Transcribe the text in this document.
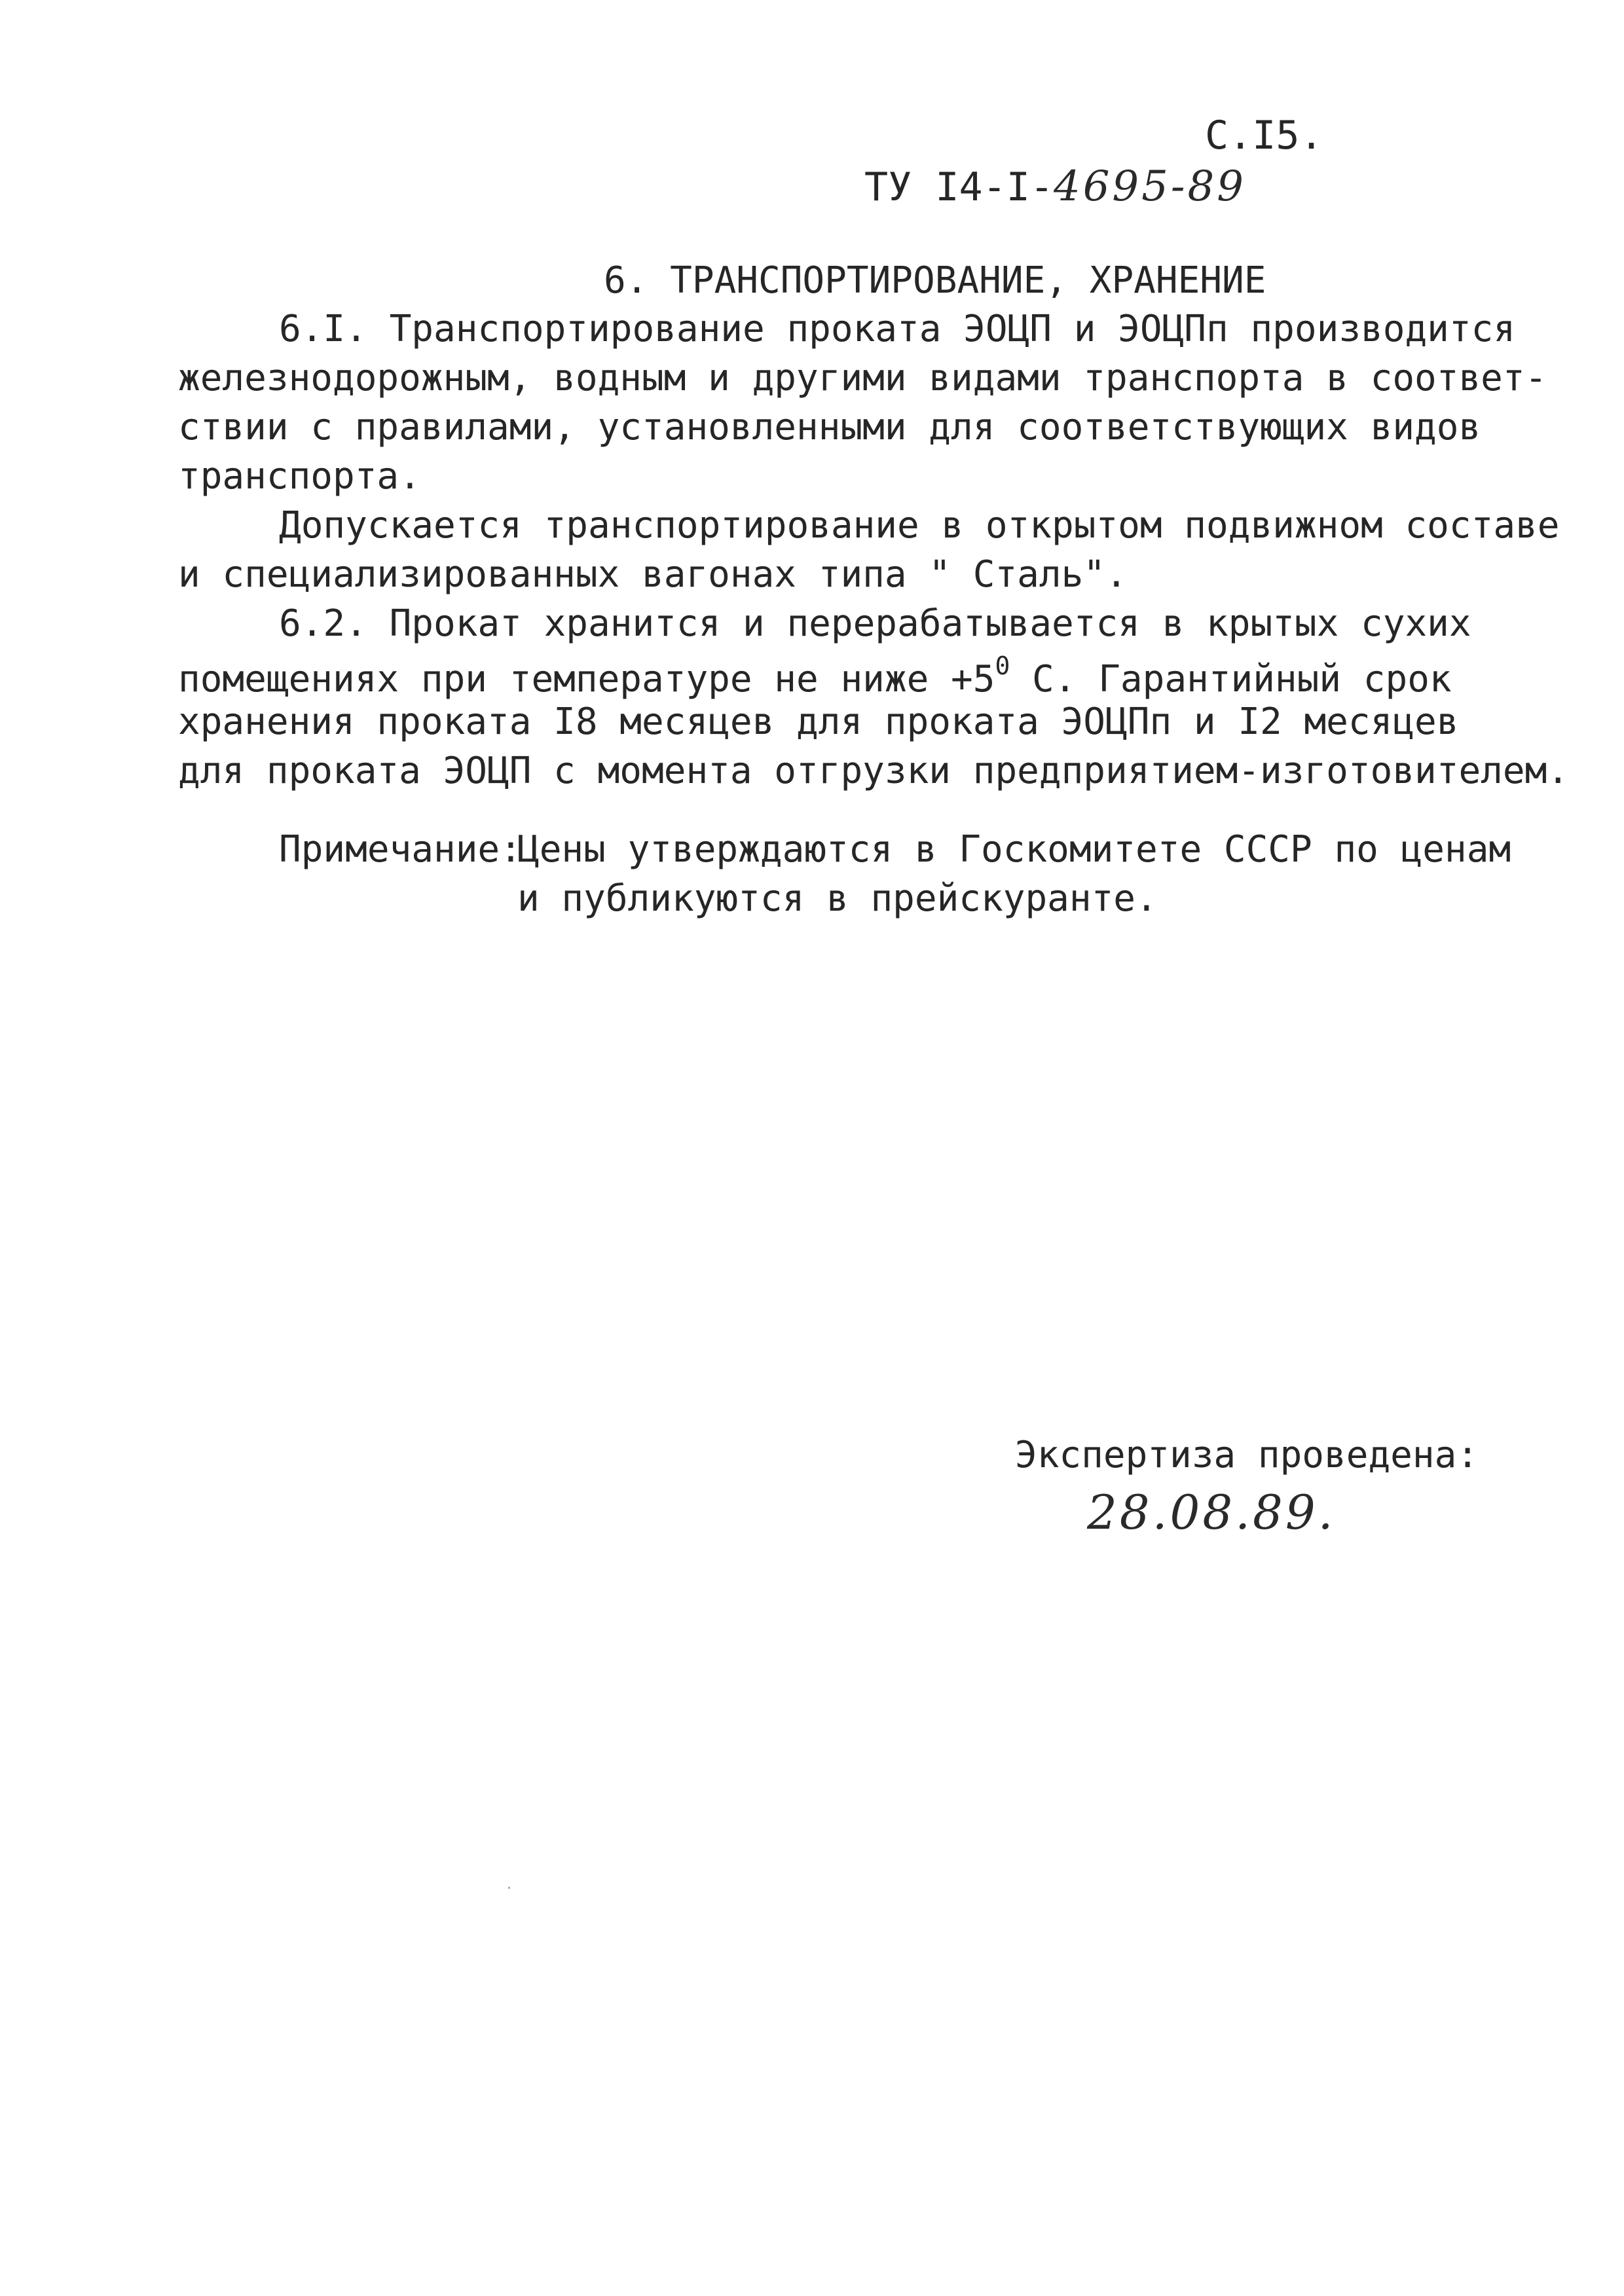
С.I5.
ТУ I4-I-4695-89
6. ТРАНСПОРТИРОВАНИЕ, ХРАНЕНИЕ
6.I. Транспортирование проката ЭОЦП и ЭОЦПп производится
железнодорожным, водным и другими видами транспорта в соответ-
ствии с правилами, установленными для соответствующих видов
транспорта.
Допускается транспортирование в открытом подвижном составе
и специализированных вагонах типа " Сталь".
6.2. Прокат хранится и перерабатывается в крытых сухих
помещениях при температуре не ниже $+5^0$ С. Гарантийный срок
хранения проката I8 месяцев для проката ЭОЦПп и I2 месяцев
для проката ЭОЦП с момента отгрузки предприятием-изготовителем.
Примечание:
Цены утверждаются в Госкомитете СССР по ценам
и публикуются в прейскуранте.
Экспертиза проведена:
28.08.89.
